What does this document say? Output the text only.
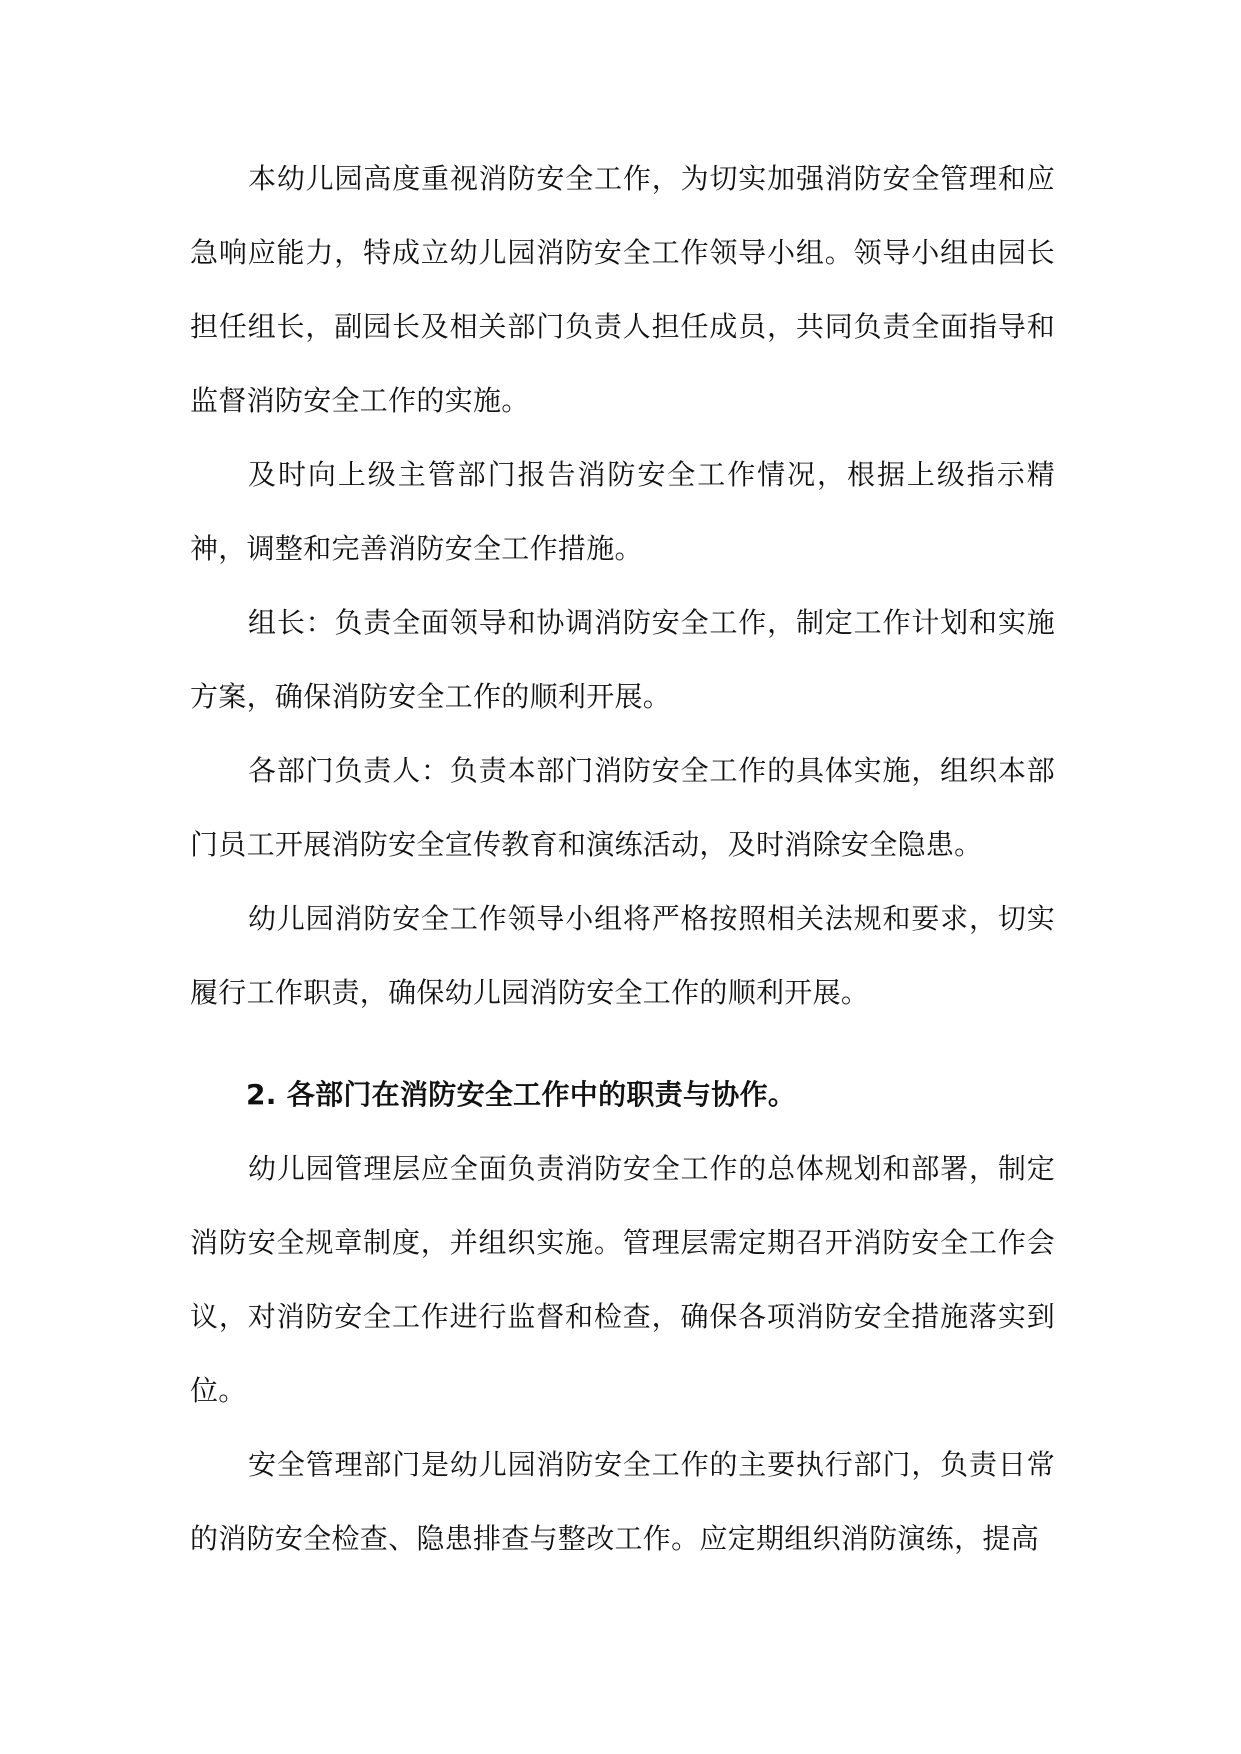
本幼儿园高度重视消防安全工作，为切实加强消防安全管理和应急响应能力，特成立幼儿园消防安全工作领导小组。领导小组由园长担任组长，副园长及相关部门负责人担任成员，共同负责全面指导和监督消防安全工作的实施。

及时向上级主管部门报告消防安全工作情况，根据上级指示精神，调整和完善消防安全工作措施。

组长：负责全面领导和协调消防安全工作，制定工作计划和实施方案，确保消防安全工作的顺利开展。

各部门负责人：负责本部门消防安全工作的具体实施，组织本部门员工开展消防安全宣传教育和演练活动，及时消除安全隐患。

幼儿园消防安全工作领导小组将严格按照相关法规和要求，切实履行工作职责，确保幼儿园消防安全工作的顺利开展。

2. 各部门在消防安全工作中的职责与协作。

幼儿园管理层应全面负责消防安全工作的总体规划和部署，制定消防安全规章制度，并组织实施。管理层需定期召开消防安全工作会议，对消防安全工作进行监督和检查，确保各项消防安全措施落实到位。

安全管理部门是幼儿园消防安全工作的主要执行部门，负责日常的消防安全检查、隐患排查与整改工作。应定期组织消防演练，提高
